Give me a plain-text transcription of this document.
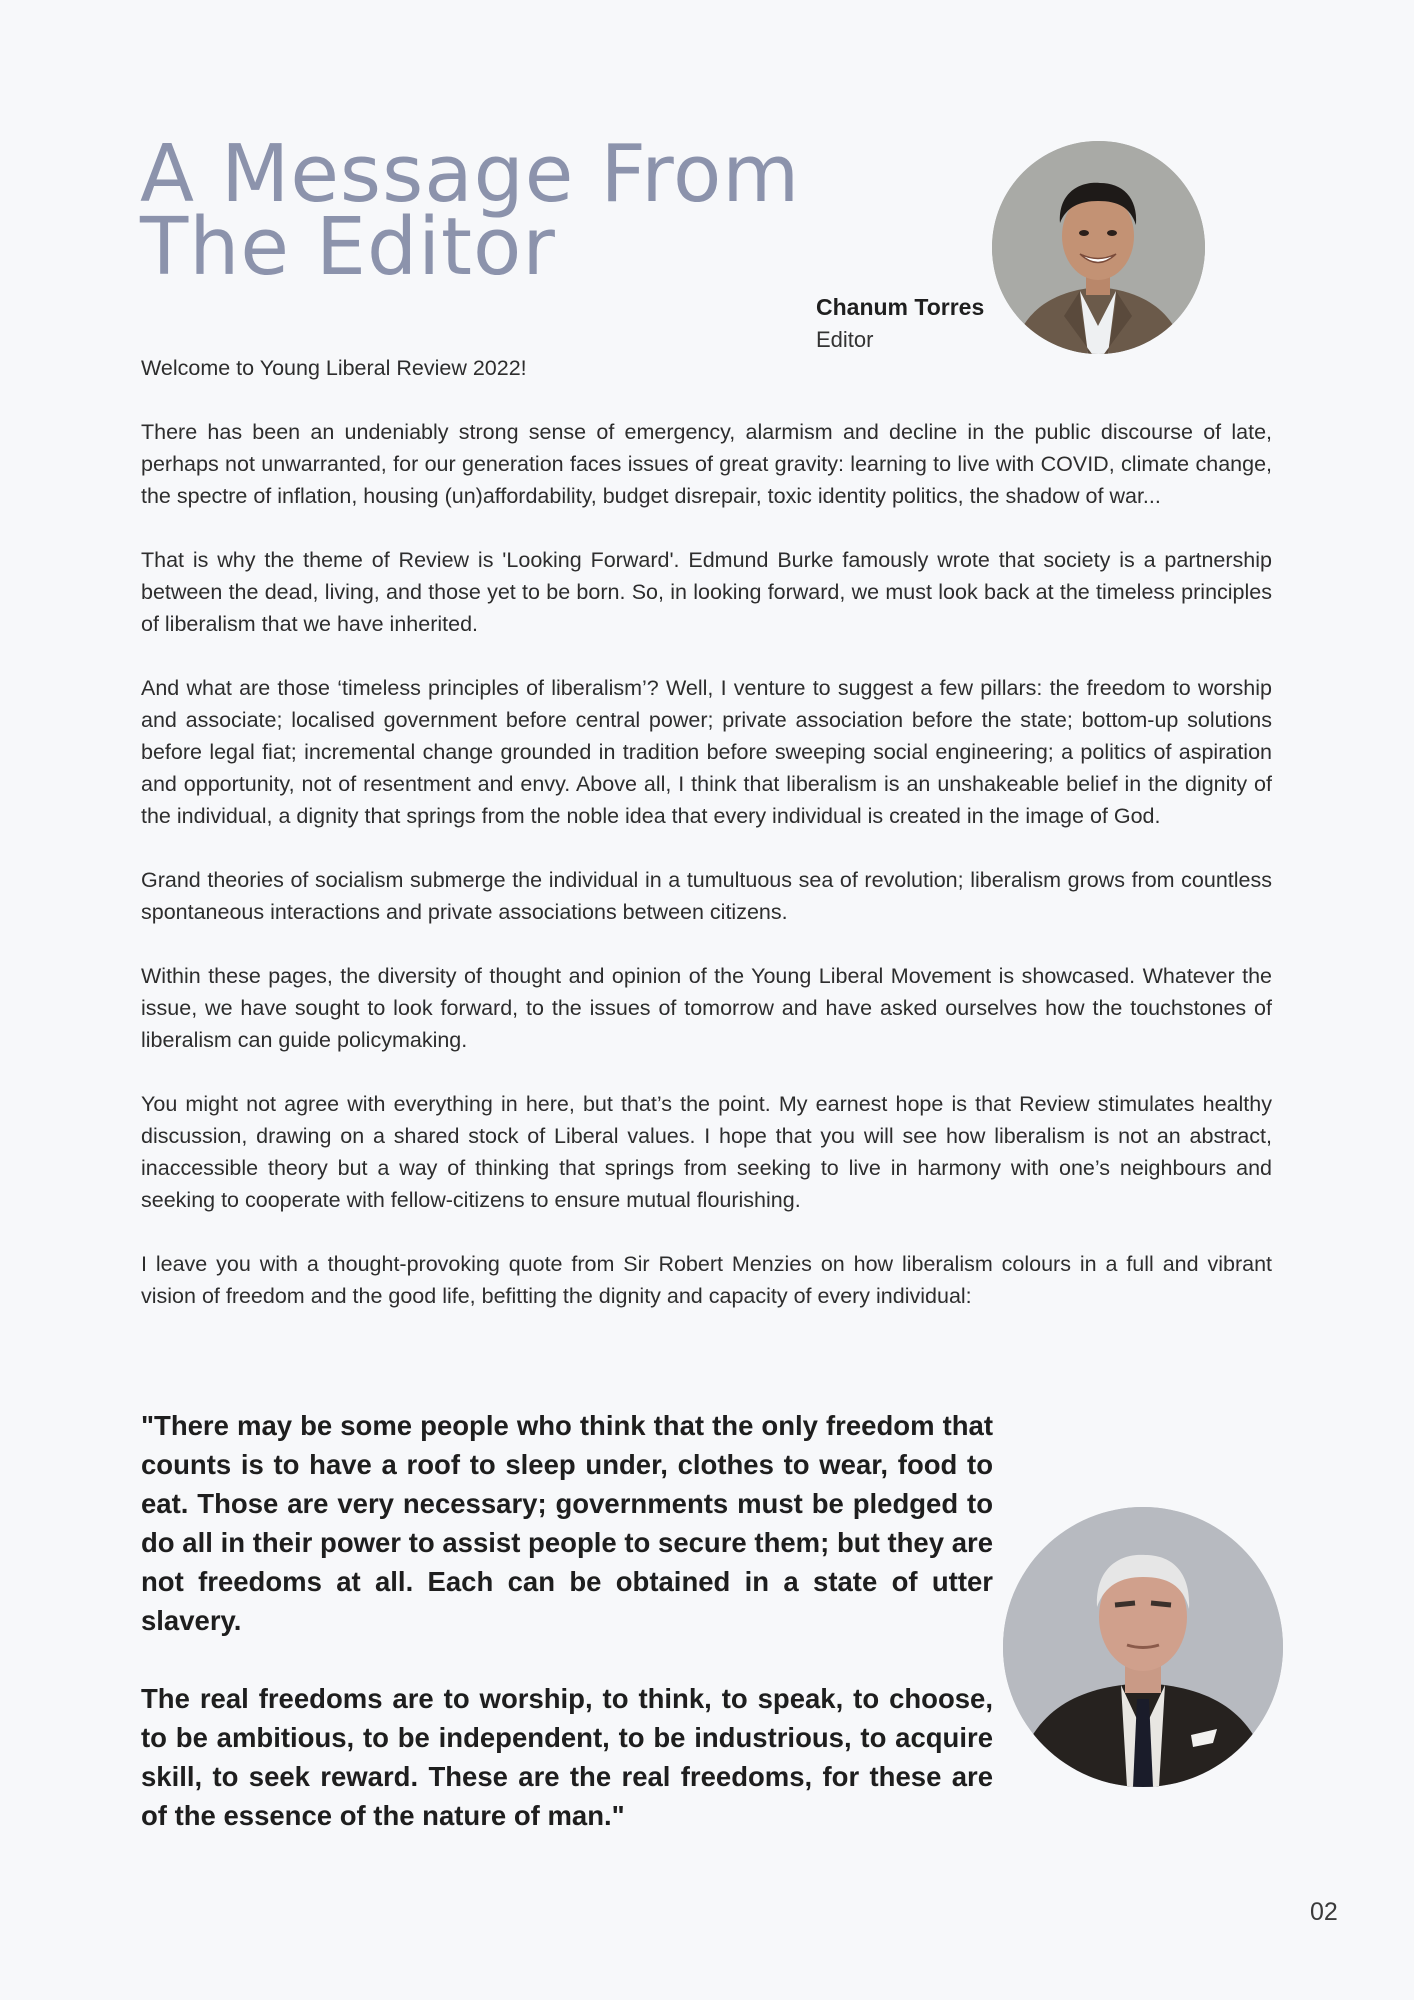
A Message From
The Editor
Chanum Torres
Editor

Welcome to Young Liberal Review 2022!

There has been an undeniably strong sense of emergency, alarmism and decline in the public discourse of late, perhaps not unwarranted, for our generation faces issues of great gravity: learning to live with COVID, climate change, the spectre of inflation, housing (un)affordability, budget disrepair, toxic identity politics, the shadow of war...

That is why the theme of Review is 'Looking Forward'. Edmund Burke famously wrote that society is a partnership between the dead, living, and those yet to be born. So, in looking forward, we must look back at the timeless principles of liberalism that we have inherited.

And what are those ‘timeless principles of liberalism’? Well, I venture to suggest a few pillars: the freedom to worship and associate; localised government before central power; private association before the state; bottom-up solutions before legal fiat; incremental change grounded in tradition before sweeping social engineering; a politics of aspiration and opportunity, not of resentment and envy. Above all, I think that liberalism is an unshakeable belief in the dignity of the individual, a dignity that springs from the noble idea that every individual is created in the image of God.

Grand theories of socialism submerge the individual in a tumultuous sea of revolution; liberalism grows from countless spontaneous interactions and private associations between citizens.

Within these pages, the diversity of thought and opinion of the Young Liberal Movement is showcased. Whatever the issue, we have sought to look forward, to the issues of tomorrow and have asked ourselves how the touchstones of liberalism can guide policymaking.

You might not agree with everything in here, but that’s the point. My earnest hope is that Review stimulates healthy discussion, drawing on a shared stock of Liberal values. I hope that you will see how liberalism is not an abstract, inaccessible theory but a way of thinking that springs from seeking to live in harmony with one’s neighbours and seeking to cooperate with fellow-citizens to ensure mutual flourishing.

I leave you with a thought-provoking quote from Sir Robert Menzies on how liberalism colours in a full and vibrant vision of freedom and the good life, befitting the dignity and capacity of every individual:

"There may be some people who think that the only freedom that counts is to have a roof to sleep under, clothes to wear, food to eat. Those are very necessary; governments must be pledged to do all in their power to assist people to secure them; but they are not freedoms at all. Each can be obtained in a state of utter slavery.

The real freedoms are to worship, to think, to speak, to choose, to be ambitious, to be independent, to be industrious, to acquire skill, to seek reward. These are the real freedoms, for these are of the essence of the nature of man."

02
